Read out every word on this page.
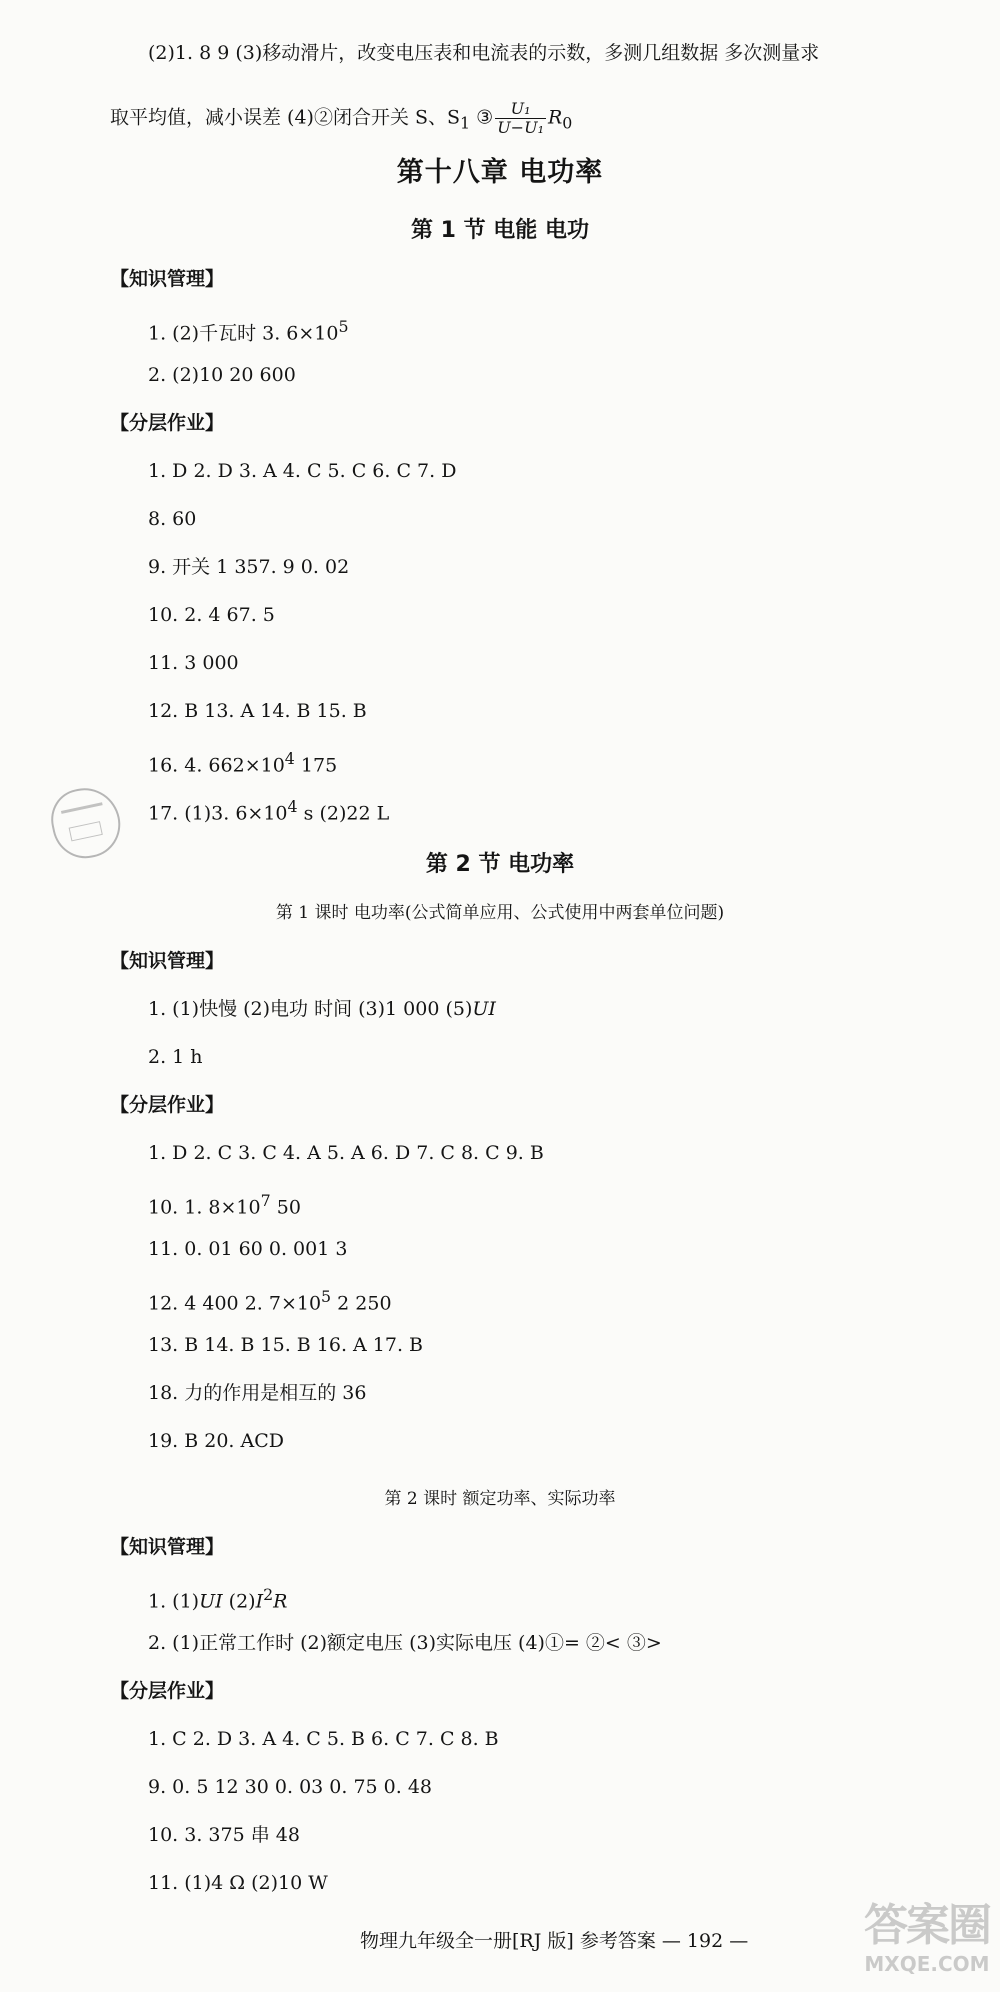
(2)1. 8 9 (3)移动滑片，改变电压表和电流表的示数，多测几组数据 多次测量求
取平均值，减小误差 (4)②闭合开关 S、$S_1$ ③ $\frac{\text{U₁}}{\text{U−U₁}} R_0$
第十八章 电功率
第 1 节 电能 电功
【知识管理】
1. (2)千瓦时 3. $6\times 10^5$
2. (2)10 20 600
【分层作业】
1. D 2. D 3. A 4. C 5. C 6. C 7. D
8. 60
9. 开关 1 357. 9 0. 02
10. 2. 4 67. 5
11. 3 000
12. B 13. A 14. B 15. B
16. 4. $662\times 10^4$ 175
17. (1)3. $6\times 10^4$ s (2)22 L
第 2 节 电功率
第 1 课时 电功率(公式简单应用、公式使用中两套单位问题)
【知识管理】
1. (1)快慢 (2)电功 时间 (3)1 000 (5)UI
2. 1 h
【分层作业】
1. D 2. C 3. C 4. A 5. A 6. D 7. C 8. C 9. B
10. 1. $8\times 10^7$ 50
11. 0. 01 60 0. 001 3
12. 4 400 2. $7\times 10^5$ 2 250
13. B 14. B 15. B 16. A 17. B
18. 力的作用是相互的 36
19. B 20. ACD
第 2 课时 额定功率、实际功率
【知识管理】
1. (1)UI $(2)I^2R$
2. (1)正常工作时 (2)额定电压 (3)实际电压 (4)①= ②< ③>
【分层作业】
1. C 2. D 3. A 4. C 5. B 6. C 7. C 8. B
9. 0. 5 12 30 0. 03 0. 75 0. 48
10. 3. 375 串 48
11. (1)4 Ω (2)10 W
物理九年级全一册[RJ 版] 参考答案 — 192 —	答案圈
MXQE.COM
